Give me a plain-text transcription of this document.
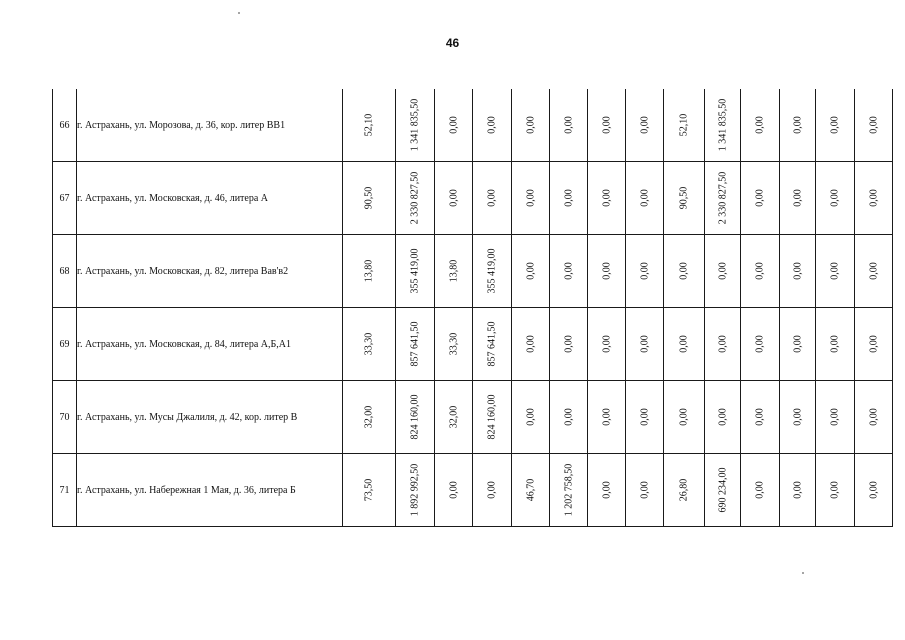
46
66	г. Астрахань, ул. Морозова, д. 36, кор. литер ВВ1	52,10	1 341 835,50	0,00	0,00	0,00	0,00	0,00	0,00	52,10	1 341 835,50	0,00	0,00	0,00	0,00

67	г. Астрахань, ул. Московская, д. 46, литера А	90,50	2 330 827,50	0,00	0,00	0,00	0,00	0,00	0,00	90,50	2 330 827,50	0,00	0,00	0,00	0,00

68	г. Астрахань, ул. Московская, д. 82, литера Вав'в2	13,80	355 419,00	13,80	355 419,00	0,00	0,00	0,00	0,00	0,00	0,00	0,00	0,00	0,00	0,00

69	г. Астрахань, ул. Московская, д. 84, литера А,Б,А1	33,30	857 641,50	33,30	857 641,50	0,00	0,00	0,00	0,00	0,00	0,00	0,00	0,00	0,00	0,00

70	г. Астрахань, ул. Мусы Джалиля, д. 42, кор. литер В	32,00	824 160,00	32,00	824 160,00	0,00	0,00	0,00	0,00	0,00	0,00	0,00	0,00	0,00	0,00

71	г. Астрахань, ул. Набережная 1 Мая, д. 36, литера Б	73,50	1 892 992,50	0,00	0,00	46,70	1 202 758,50	0,00	0,00	26,80	690 234,00	0,00	0,00	0,00	0,00
